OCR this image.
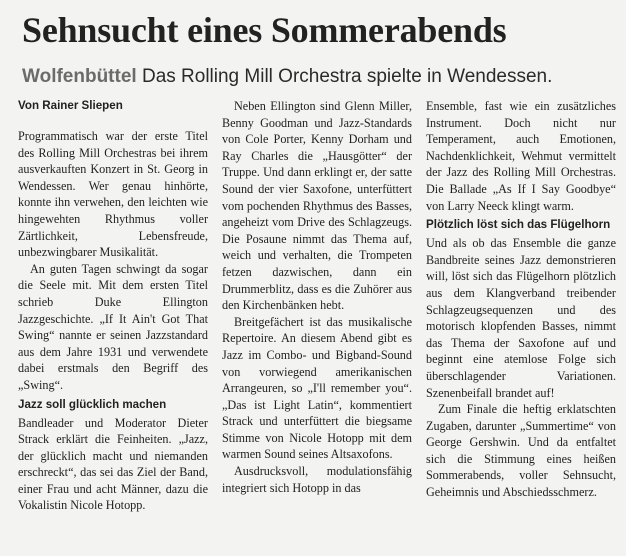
Sehnsucht eines Sommerabends
Wolfenbüttel Das Rolling Mill Orchestra spielte in Wendessen.
Von Rainer Sliepen

Programmatisch war der erste Titel des Rolling Mill Orchestras bei ihrem ausverkauften Konzert in St. Georg in Wendessen. Wer genau hinhörte, konnte ihn verwehen, den leichten wie hingewehten Rhythmus voller Zärtlichkeit, Lebensfreude, unbezwingbarer Musikalität.

An guten Tagen schwingt da sogar die Seele mit. Mit dem ersten Titel schrieb Duke Ellington Jazzgeschichte. „If It Ain't Got That Swing“ nannte er seinen Jazzstandard aus dem Jahre 1931 und verwendete dabei erstmals den Begriff des „Swing“.

Jazz soll glücklich machen

Bandleader und Moderator Dieter Strack erklärt die Feinheiten. „Jazz, der glücklich macht und niemanden erschreckt“, das sei das Ziel der Band, einer Frau und acht Männer, dazu die Vokalistin Nicole Hotopp.

Neben Ellington sind Glenn Miller, Benny Goodman und Jazz-Standards von Cole Porter, Kenny Dorham und Ray Charles die „Hausgötter“ der Truppe. Und dann erklingt er, der satte Sound der vier Saxofone, unterfüttert vom pochenden Rhythmus des Basses, angeheizt vom Drive des Schlagzeugs. Die Posaune nimmt das Thema auf, weich und verhalten, die Trompeten fetzen dazwischen, dann ein Drummerblitz, dass es die Zuhörer aus den Kirchenbänken hebt.

Breitgefächert ist das musikalische Repertoire. An diesem Abend gibt es Jazz im Combo- und Bigband-Sound von vorwiegend amerikanischen Arrangeuren, so „I'll remember you“. „Das ist Light Latin“, kommentiert Strack und unterfüttert die biegsame Stimme von Nicole Hotopp mit dem warmen Sound seines Altsaxofons.

Ausdrucksvoll, modulationsfähig integriert sich Hotopp in das

Ensemble, fast wie ein zusätzliches Instrument. Doch nicht nur Temperament, auch Emotionen, Nachdenklichkeit, Wehmut vermittelt der Jazz des Rolling Mill Orchestras. Die Ballade „As If I Say Goodbye“ von Larry Neeck klingt warm.

Plötzlich löst sich das Flügelhorn

Und als ob das Ensemble die ganze Bandbreite seines Jazz demonstrieren will, löst sich das Flügelhorn plötzlich aus dem Klangverband treibender Schlagzeugsequenzen und des motorisch klopfenden Basses, nimmt das Thema der Saxofone auf und beginnt eine atemlose Folge sich überschlagender Variationen. Szenenbeifall brandet auf!

Zum Finale die heftig erklatschten Zugaben, darunter „Summertime“ von George Gershwin. Und da entfaltet sich die Stimmung eines heißen Sommerabends, voller Sehnsucht, Geheimnis und Abschiedsschmerz.
